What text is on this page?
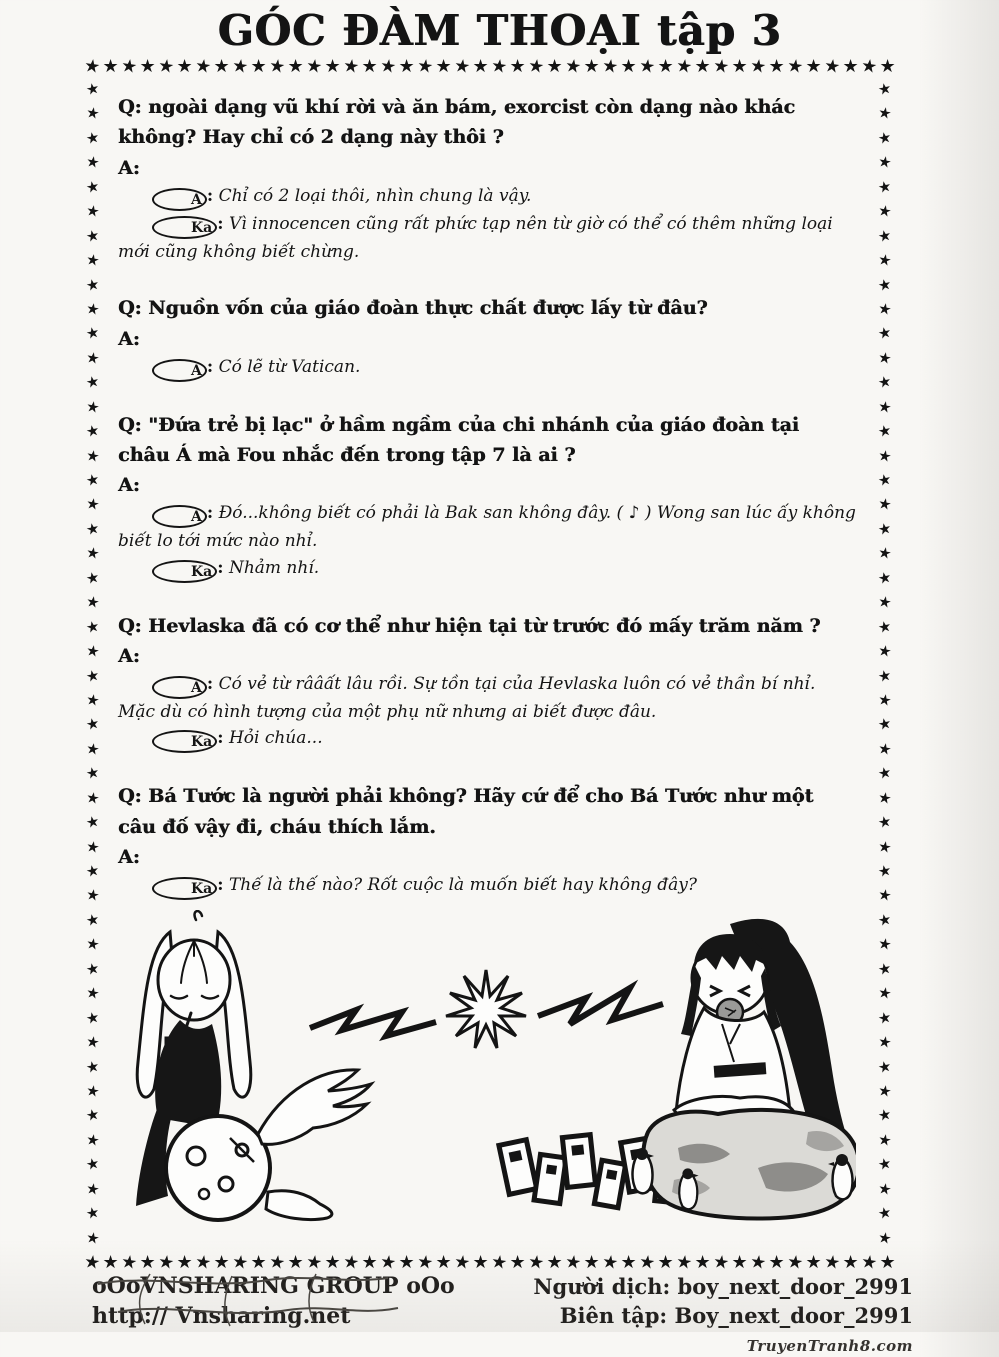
GÓC ĐÀM THOẠI tập 3
★ ★ ★ ★ ★ ★ ★ ★ ★ ★ ★ ★ ★ ★ ★ ★ ★ ★ ★ ★ ★ ★ ★ ★ ★ ★ ★ ★ ★ ★ ★ ★ ★ ★ ★ ★ ★ ★ ★ ★ ★ ★ ★ ★
★ ★ ★ ★ ★ ★ ★ ★ ★ ★ ★ ★ ★ ★ ★ ★ ★ ★ ★ ★ ★ ★ ★ ★ ★ ★ ★ ★ ★ ★ ★ ★ ★ ★ ★ ★ ★ ★ ★ ★ ★ ★ ★ ★
★
★
★
★
★
★
★
★
★
★
★
★
★
★
★
★
★
★
★
★
★
★
★
★
★
★
★
★
★
★
★
★
★
★
★
★
★
★
★
★
★
★
★
★
★
★
★
★
★
★
★
★
★
★
★
★
★
★
★
★
★
★
★
★
★
★
★
★
★
★
★
★
★
★
★
★
★
★
★
★
★
★
★
★
★
★
★
★
★
★
★
★
★
★
★
★

Q: ngoài dạng vũ khí rời và ăn bám, exorcist còn dạng nào khác không? Hay chỉ có 2 dạng này thôi ?

A:

A : Chỉ có 2 loại thôi, nhìn chung là vậy.

Ka : Vì innocencen cũng rất phức tạp nên từ giờ có thể có thêm những loại mới cũng không biết chừng.

Q: Nguồn vốn của giáo đoàn thực chất được lấy từ đâu?

A:

A : Có lẽ từ Vatican.

Q: "Đứa trẻ bị lạc" ở hầm ngầm của chi nhánh của giáo đoàn tại châu Á mà Fou nhắc đến trong tập 7 là ai ?

A:

A : Đó...không biết có phải là Bak san không đây. ( ♪ ) Wong san lúc ấy không biết lo tới mức nào nhỉ.

Ka : Nhảm nhí.

Q: Hevlaska đã có cơ thể như hiện tại từ trước đó mấy trăm năm ?

A:

A : Có vẻ từ rââất lâu rồi. Sự tồn tại của Hevlaska luôn có vẻ thần bí nhỉ. Mặc dù có hình tượng của một phụ nữ nhưng ai biết được đâu.

Ka : Hỏi chúa...

Q: Bá Tước là người phải không? Hãy cứ để cho Bá Tước như một câu đố vậy đi, cháu thích lắm.

A:

Ka : Thế là thế nào? Rốt cuộc là muốn biết hay không đây?

oOoVNSHARING GROUP oOo
http:// Vnsharing.net
Người dịch: boy_next_door_2991
Biên tập: Boy_next_door_2991
TruyenTranh8.com
